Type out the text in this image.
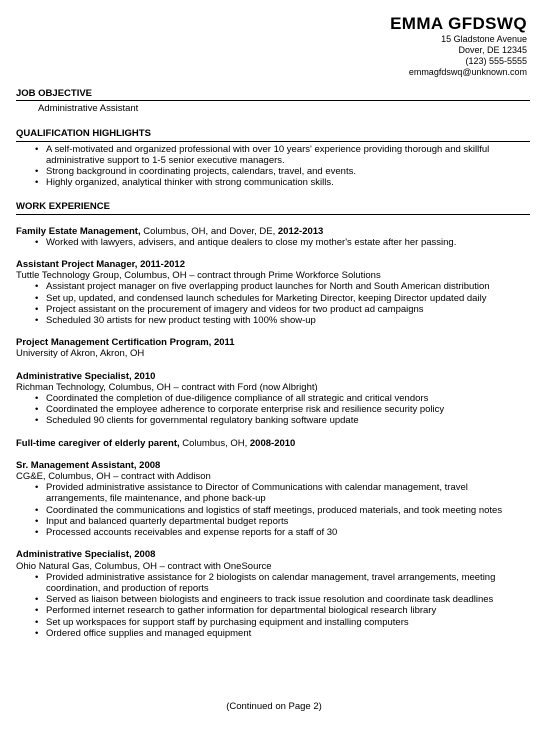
EMMA GFDSWQ
15 Gladstone Avenue
Dover, DE 12345
(123) 555-5555
emmagfdswq@unknown.com
JOB OBJECTIVE
Administrative Assistant
QUALIFICATION HIGHLIGHTS
• A self-motivated and organized professional with over 10 years' experience providing thorough and skillful administrative support to 1-5 senior executive managers.
• Strong background in coordinating projects, calendars, travel, and events.
• Highly organized, analytical thinker with strong communication skills.
WORK EXPERIENCE
Family Estate Management, Columbus, OH, and Dover, DE, 2012-2013
• Worked with lawyers, advisers, and antique dealers to close my mother's estate after her passing.
Assistant Project Manager, 2011-2012
Tuttle Technology Group, Columbus, OH – contract through Prime Workforce Solutions
• Assistant project manager on five overlapping product launches for North and South American distribution
• Set up, updated, and condensed launch schedules for Marketing Director, keeping Director updated daily
• Project assistant on the procurement of imagery and videos for two product ad campaigns
• Scheduled 30 artists for new product testing with 100% show-up
Project Management Certification Program, 2011
University of Akron, Akron, OH
Administrative Specialist, 2010
Richman Technology, Columbus, OH – contract with Ford (now Albright)
• Coordinated the completion of due-diligence compliance of all strategic and critical vendors
• Coordinated the employee adherence to corporate enterprise risk and resilience security policy
• Scheduled 90 clients for governmental regulatory banking software update
Full-time caregiver of elderly parent, Columbus, OH, 2008-2010
Sr. Management Assistant, 2008
CG&E, Columbus, OH – contract with Addison
• Provided administrative assistance to Director of Communications with calendar management, travel arrangements, file maintenance, and phone back-up
• Coordinated the communications and logistics of staff meetings, produced materials, and took meeting notes
• Input and balanced quarterly departmental budget reports
• Processed accounts receivables and expense reports for a staff of 30
Administrative Specialist, 2008
Ohio Natural Gas, Columbus, OH – contract with OneSource
• Provided administrative assistance for 2 biologists on calendar management, travel arrangements, meeting coordination, and production of reports
• Served as liaison between biologists and engineers to track issue resolution and coordinate task deadlines
• Performed internet research to gather information for departmental biological research library
• Set up workspaces for support staff by purchasing equipment and installing computers
• Ordered office supplies and managed equipment
(Continued on Page 2)
